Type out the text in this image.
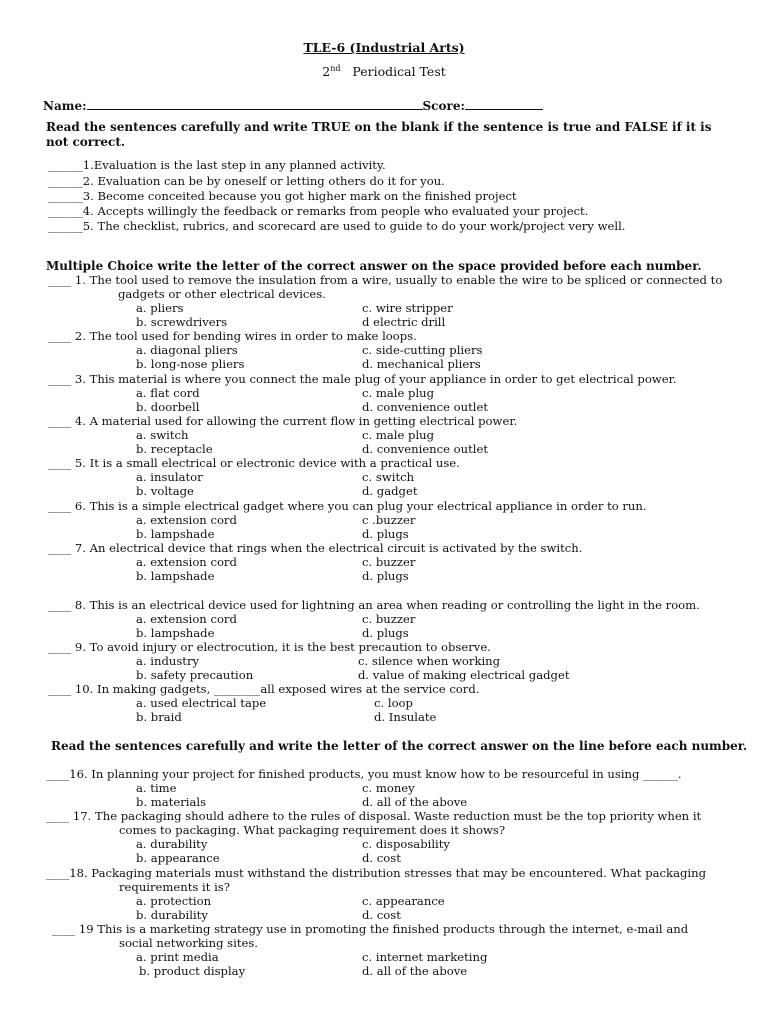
TLE-6 (Industrial Arts)
2nd Periodical Test
Name:	Score:
Read the sentences carefully and write TRUE on the blank if the sentence is true and FALSE if it is not correct.
______1.Evaluation is the last step in any planned activity.
______2. Evaluation can be by oneself or letting others do it for you.
______3. Become conceited because you got higher mark on the finished project
______4. Accepts willingly the feedback or remarks from people who evaluated your project.
______5. The checklist, rubrics, and scorecard are used to guide to do your work/project very well.
Multiple Choice write the letter of the correct answer on the space provided before each number.
____ 1. The tool used to remove the insulation from a wire, usually to enable the wire to be spliced or connected to
gadgets or other electrical devices.
a. pliers	c. wire stripper
b. screwdrivers	d electric drill
____ 2. The tool used for bending wires in order to make loops.
a. diagonal pliers	c. side-cutting pliers
b. long-nose pliers	d. mechanical pliers
____ 3. This material is where you connect the male plug of your appliance in order to get electrical power.
a. flat cord	c. male plug
b. doorbell	d. convenience outlet
____ 4. A material used for allowing the current flow in getting electrical power.
a. switch	c. male plug
b. receptacle	d. convenience outlet
____ 5. It is a small electrical or electronic device with a practical use.
a. insulator	c. switch
b. voltage	d. gadget
____ 6. This is a simple electrical gadget where you can plug your electrical appliance in order to run.
a. extension cord	c .buzzer
b. lampshade	d. plugs
____ 7. An electrical device that rings when the electrical circuit is activated by the switch.
a. extension cord	c. buzzer
b. lampshade	d. plugs
____ 8. This is an electrical device used for lightning an area when reading or controlling the light in the room.
a. extension cord	c. buzzer
b. lampshade	d. plugs
____ 9. To avoid injury or electrocution, it is the best precaution to observe.
a. industry	c. silence when working
b. safety precaution	d. value of making electrical gadget
____ 10. In making gadgets, ________all exposed wires at the service cord.
a. used electrical tape	c. loop
b. braid	d. Insulate
Read the sentences carefully and write the letter of the correct answer on the line before each number.
____16. In planning your project for finished products, you must know how to be resourceful in using ______.
a. time	c. money
b. materials	d. all of the above
____ 17. The packaging should adhere to the rules of disposal. Waste reduction must be the top priority when it
comes to packaging. What packaging requirement does it shows?
a. durability	c. disposability
b. appearance	d. cost
____18. Packaging materials must withstand the distribution stresses that may be encountered. What packaging
requirements it is?
a. protection	c. appearance
b. durability	d. cost
____ 19 This is a marketing strategy use in promoting the finished products through the internet, e-mail and
social networking sites.
a. print media	c. internet marketing
b. product display	d. all of the above
